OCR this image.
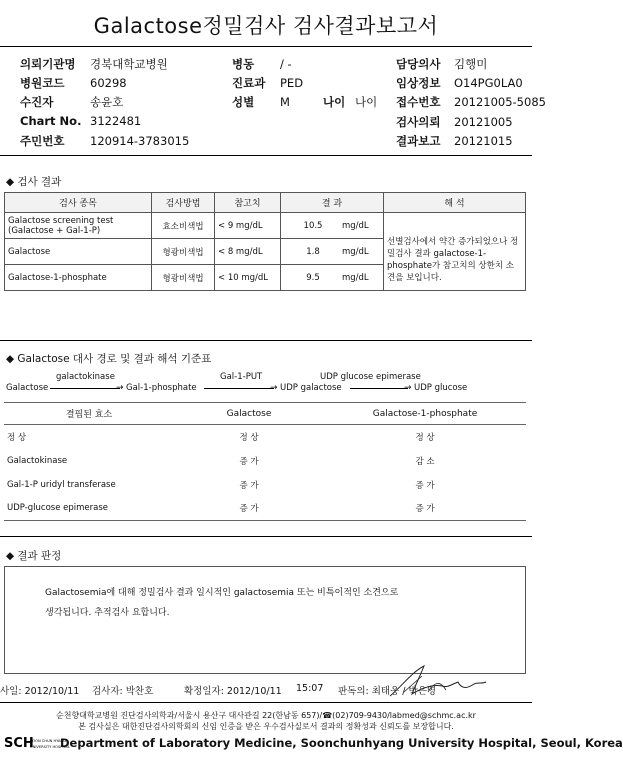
Galactose정밀검사 검사결과보고서
의뢰기관명 경북대학교병원
병원코드 60298
수진자	송윤호
Chart No. 3122481
주민번호 120914-3783015
병동 / -
진료과 PED
성별 M	나이 나이
담당의사 김행미
임상정보 O14PG0LA0
접수번호 20121005-5085
검사의뢰 20121005
결과보고 20121015
◆ 검사 결과
검사 종목	검사방법	참고치	결 과	해 석
Galactose screening test (Galactose + Gal-1-P)	효소비색법	< 9 mg/dL	10.5 mg/dL	선별검사에서 약간 증가되었으나 정밀검사 결과 galactose-1-phosphate가 참고치의 상한치 소견을 보입니다.
Galactose	형광비색법	< 8 mg/dL	1.8 mg/dL	
Galactose-1-phosphate	형광비색법	< 10 mg/dL	9.5 mg/dL	
◆ Galactose 대사 경로 및 결과 해석 기준표
Galactose
galactokinase
→ Gal-1-phosphate
Gal-1-PUT
→ UDP galactose
UDP glucose epimerase
→ UDP glucose
결핍된 효소	Galactose	Galactose-1-phosphate
정 상	정 상	정 상
Galactokinase	증 가	감 소
Gal-1-P uridyl transferase	증 가	증 가
UDP-glucose epimerase	증 가	증 가
◆ 결과 판정
Galactosemia에 대해 정밀검사 결과 일시적인 galactosemia 또는 비특이적인 소견으로
생각됩니다. 추적검사 요합니다.
사일: 2012/10/11 검사자: 박찬호	확정일자: 2012/10/11 15:07 판독의: 최태웅 / 박은영
순천향대학교병원 진단검사의학과/서울시 용산구 대사관길 22(한남동 657)/☎(02)709-9430/labmed@schmc.ac.kr
본 검사실은 대한진단검사의학회의 신임 인증을 받은 우수검사실로서 결과의 정확성과 신뢰도를 보장합니다.
SCH
SOON CHUN HYANG
UNIVERSITY HOSPITAL
Department of Laboratory Medicine, Soonchunhyang University Hospital, Seoul, Korea
